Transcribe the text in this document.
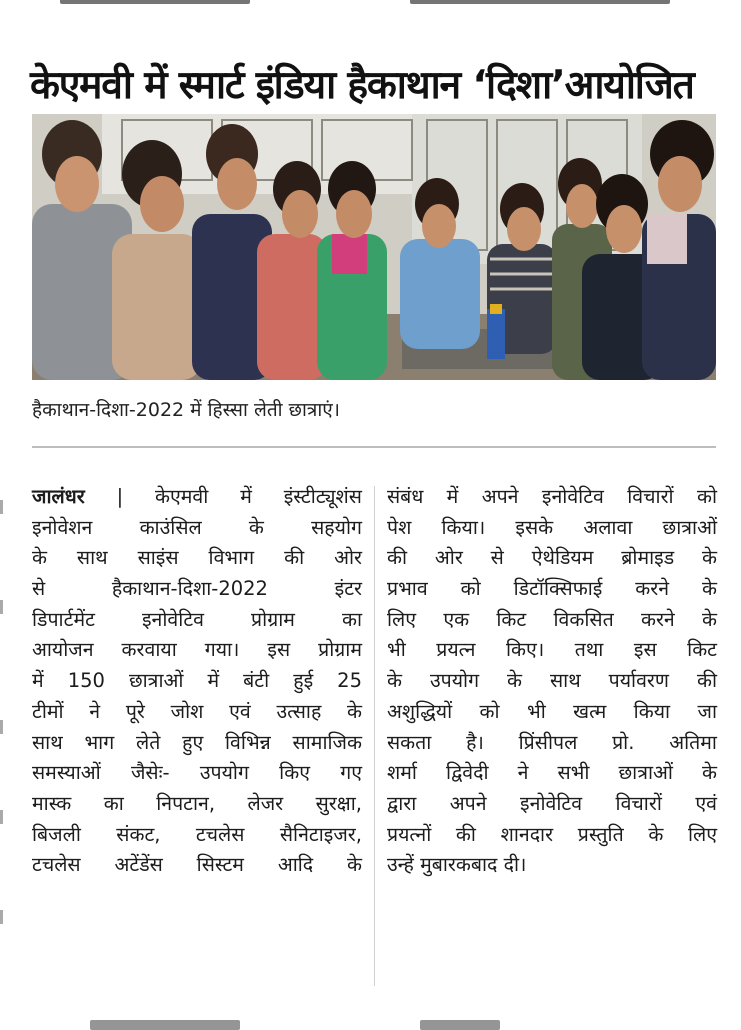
केएमवी में स्मार्ट इंडिया हैकाथान ‘दिशा’आयोजित
हैकाथान-दिशा-2022 में हिस्सा लेती छात्राएं।
जालंधर | केएमवी में इंस्टीट्यूशंस
इनोवेशन काउंसिल के सहयोग
के साथ साइंस विभाग की ओर
से हैकाथान-दिशा-2022 इंटर
डिपार्टमेंट इनोवेटिव प्रोग्राम का
आयोजन करवाया गया। इस प्रोग्राम
में 150 छात्राओं में बंटी हुई 25
टीमों ने पूरे जोश एवं उत्साह के
साथ भाग लेते हुए विभिन्न सामाजिक
समस्याओं जैसेः- उपयोग किए गए
मास्क का निपटान, लेजर सुरक्षा,
बिजली संकट, टचलेस सैनिटाइजर,
टचलेस अटेंडेंस सिस्टम आदि के
संबंध में अपने इनोवेटिव विचारों को
पेश किया। इसके अलावा छात्राओं
की ओर से ऐथेडियम ब्रोमाइड के
प्रभाव को डिटॉक्सिफाई करने के
लिए एक किट विकसित करने के
भी प्रयत्न किए। तथा इस किट
के उपयोग के साथ पर्यावरण की
अशुद्धियों को भी खत्म किया जा
सकता है। प्रिंसीपल प्रो. अतिमा
शर्मा द्विवेदी ने सभी छात्राओं के
द्वारा अपने इनोवेटिव विचारों एवं
प्रयत्नों की शानदार प्रस्तुति के लिए
उन्हें मुबारकबाद दी।
